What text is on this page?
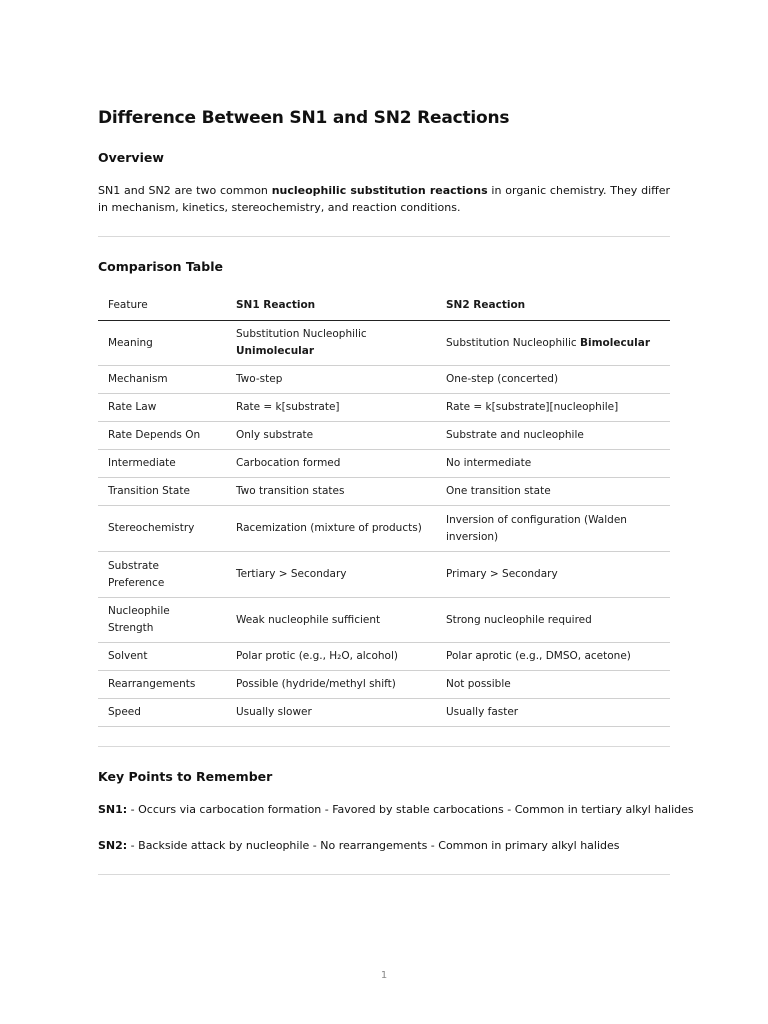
Difference Between SN1 and SN2 Reactions
Overview

SN1 and SN2 are two common nucleophilic substitution reactions in organic chemistry. They differ in mechanism, kinetics, stereochemistry, and reaction conditions.

Comparison Table
Feature	SN1 Reaction	SN2 Reaction
Meaning	Substitution Nucleophilic Unimolecular	Substitution Nucleophilic Bimolecular
Mechanism	Two-step	One-step (concerted)
Rate Law	Rate = k[substrate]	Rate = k[substrate][nucleophile]
Rate Depends On	Only substrate	Substrate and nucleophile
Intermediate	Carbocation formed	No intermediate
Transition State	Two transition states	One transition state
Stereochemistry	Racemization (mixture of products)	Inversion of configuration (Walden inversion)
Substrate Preference	Tertiary > Secondary	Primary > Secondary
Nucleophile Strength	Weak nucleophile sufficient	Strong nucleophile required
Solvent	Polar protic (e.g., H₂O, alcohol)	Polar aprotic (e.g., DMSO, acetone)
Rearrangements	Possible (hydride/methyl shift)	Not possible
Speed	Usually slower	Usually faster
Key Points to Remember

SN1: - Occurs via carbocation formation - Favored by stable carbocations - Common in tertiary alkyl halides

SN2: - Backside attack by nucleophile - No rearrangements - Common in primary alkyl halides

1
